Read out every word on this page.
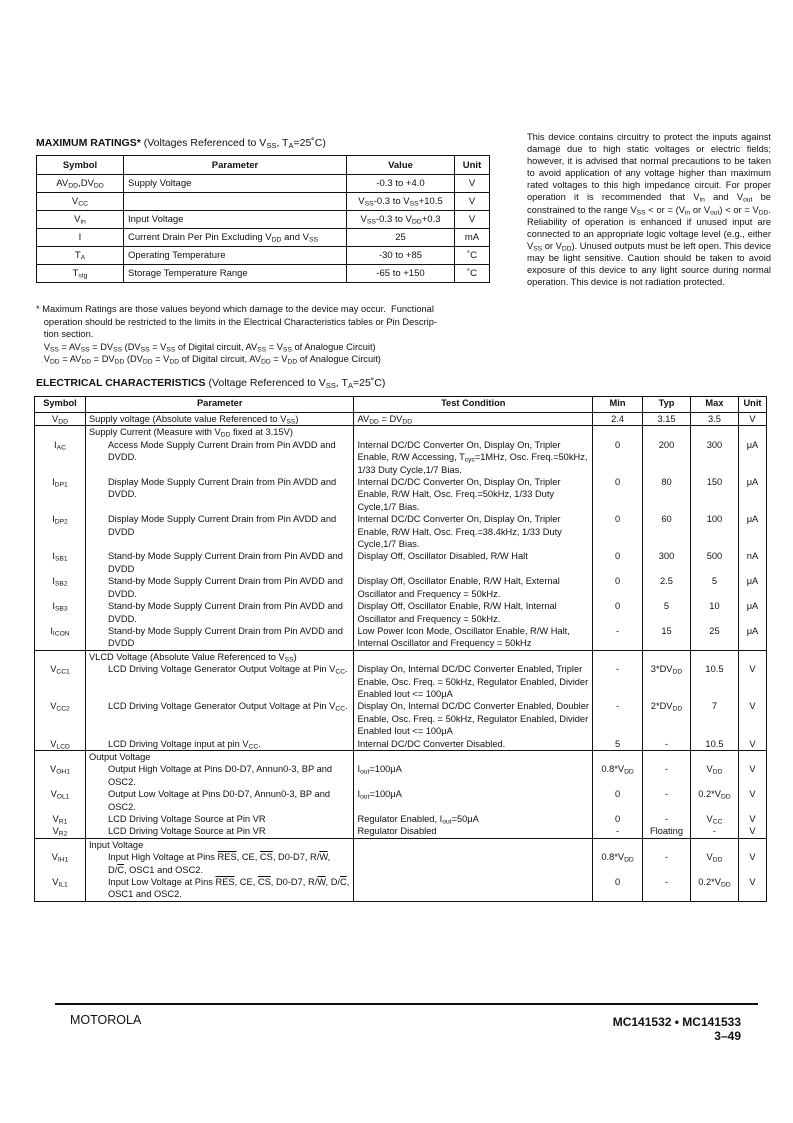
MAXIMUM RATINGS* (Voltages Referenced to $V_{SS}$, $T_A=25˚C$)
Symbol	Parameter	Value	Unit
$AV_{DD},DV_{DD}$	Supply Voltage	-0.3 to +4.0	V
$V_{CC}$		$V_{SS}-0.3$ to $V_{SS}+10.5$	V
$V_{in}$	Input Voltage	$V_{SS}-0.3$ to $V_{DD}+0.3$	V
I	Current Drain Per Pin Excluding $V_{DD}$ and $V_{SS}$	25	mA
$T_A$	Operating Temperature	-30 to +85	˚C
$T_{stg}$	Storage Temperature Range	-65 to +150	˚C
* Maximum Ratings are those values beyond which damage to the device may occur.  Functional
operation should be restricted to the limits in the Electrical Characteristics tables or Pin Descrip-
tion section.
$V_{SS} = AV_{SS} = DV_{SS}$ ($DV_{SS} = V_{SS}$ of Digital circuit, $AV_{SS} = V_{SS}$ of Analogue Circuit)
$V_{DD} = AV_{DD} = DV_{DD}$ ($DV_{DD} = V_{DD}$ of Digital circuit, $AV_{DD} = V_{DD}$ of Analogue Circuit)
This device contains circuitry to protect the inputs against damage due to high static voltages or electric fields; however, it is advised that normal precautions to be taken to avoid application of any voltage higher than maximum rated voltages to this high impedance circuit. For proper operation it is recommended that $V_{in}$ and $V_{out}$ be constrained to the range $V_{SS}$ < or = ($V_{in}$ or $V_{out}$) < or = $V_{DD}$. Reliability of operation is enhanced if unused input are connected to an appropriate logic voltage level (e.g., either $V_{SS}$ or $V_{DD}$). Unused outputs must be left open. This device may be light sensitive. Caution should be taken to avoid exposure of this device to any light source during normal operation. This device is not radiation protected.
ELECTRICAL CHARACTERISTICS (Voltage Referenced to $V_{SS}$, $T_A=25˚C$)
Symbol	Parameter	Test Condition	Min	Typ	Max	Unit
$V_{DD}$	Supply voltage (Absolute value Referenced to $V_{SS}$)	$AV_{DD} = DV_{DD}$	2.4	3.15	3.5	V
	Supply Current (Measure with $V_{DD}$ fixed at 3.15V)					
$I_{AC}$	Access Mode Supply Current Drain from Pin AVDD and DVDD.	Internal DC/DC Converter On, Display On, Tripler Enable, R/W Accessing, $T_{cyc}=1MHz$, Osc. Freq.=50kHz, 1/33 Duty Cycle,1/7 Bias.	0	200	300	μA
$I_{DP1}$	Display Mode Supply Current Drain from Pin AVDD and DVDD.	Internal DC/DC Converter On, Display On, Tripler Enable, R/W Halt, Osc. Freq.=50kHz, 1/33 Duty Cycle,1/7 Bias.	0	80	150	μA
$I_{DP2}$	Display Mode Supply Current Drain from Pin AVDD and DVDD	Internal DC/DC Converter On, Display On, Tripler Enable, R/W Halt, Osc. Freq.=38.4kHz, 1/33 Duty Cycle,1/7 Bias.	0	60	100	μA
$I_{SB1}$	Stand-by Mode Supply Current Drain from Pin AVDD and DVDD	Display Off, Oscillator Disabled, R/W Halt	0	300	500	nA
$I_{SB2}$	Stand-by Mode Supply Current Drain from Pin AVDD and DVDD.	Display Off, Oscillator Enable, R/W Halt, External Oscillator and Frequency = 50kHz.	0	2.5	5	μA
$I_{SB3}$	Stand-by Mode Supply Current Drain from Pin AVDD and DVDD.	Display Off, Oscillator Enable, R/W Halt, Internal Oscillator and Frequency = 50kHz.	0	5	10	μA
$I_{ICON}$	Stand-by Mode Supply Current Drain from Pin AVDD and DVDD	Low Power Icon Mode, Oscillator Enable, R/W Halt, Internal Oscillator and Frequency = 50kHz	-	15	25	μA
	VLCD Voltage (Absolute Value Referenced to $V_{SS}$)					
$V_{CC1}$	LCD Driving Voltage Generator Output Voltage at Pin $V_{CC}$.	Display On, Internal DC/DC Converter Enabled, Tripler Enable, Osc. Freq. = 50kHz, Regulator Enabled, Divider Enabled Iout <= 100μA	-	$3*DV_{DD}$	10.5	V
$V_{CC2}$	LCD Driving Voltage Generator Output Voltage at Pin $V_{CC}$.	Display On, Internal DC/DC Converter Enabled, Doubler Enable, Osc. Freq. = 50kHz, Regulator Enabled, Divider Enabled Iout <= 100μA	-	$2*DV_{DD}$	7	V
$V_{LCD}$	LCD Driving Voltage input at pin $V_{CC}$.	Internal DC/DC Converter Disabled.	5	-	10.5	V
	Output Voltage					
$V_{OH1}$	Output High Voltage at Pins D0-D7, Annun0-3, BP and OSC2.	$I_{out}=100\mu A$	$0.8*V_{DD}$	-	$V_{DD}$	V
$V_{OL1}$	Output Low Voltage at Pins D0-D7, Annun0-3, BP and OSC2.	$I_{out}=100\mu A$	0	-	$0.2*V_{DD}$	V
$V_{R1}$	LCD Driving Voltage Source at Pin VR	Regulator Enabled, $I_{out}=50\mu A$	0	-	$V_{CC}$	V
$V_{R2}$	LCD Driving Voltage Source at Pin VR	Regulator Disabled	-	Floating	-	V
	Input Voltage					
$V_{IH1}$	Input High Voltage at Pins $\overline{RES}$, CE, $\overline{CS}$, D0-D7, $R/\overline{W}$, $D/\overline{C}$, OSC1 and OSC2.		$0.8*V_{DD}$	-	$V_{DD}$	V
$V_{IL1}$	Input Low Voltage at Pins $\overline{RES}$, CE, $\overline{CS}$, D0-D7, $R/\overline{W}$, $D/\overline{C}$, OSC1 and OSC2.		0	-	$0.2*V_{DD}$	V
MOTOROLA	MC141532 • MC141533
3–49
